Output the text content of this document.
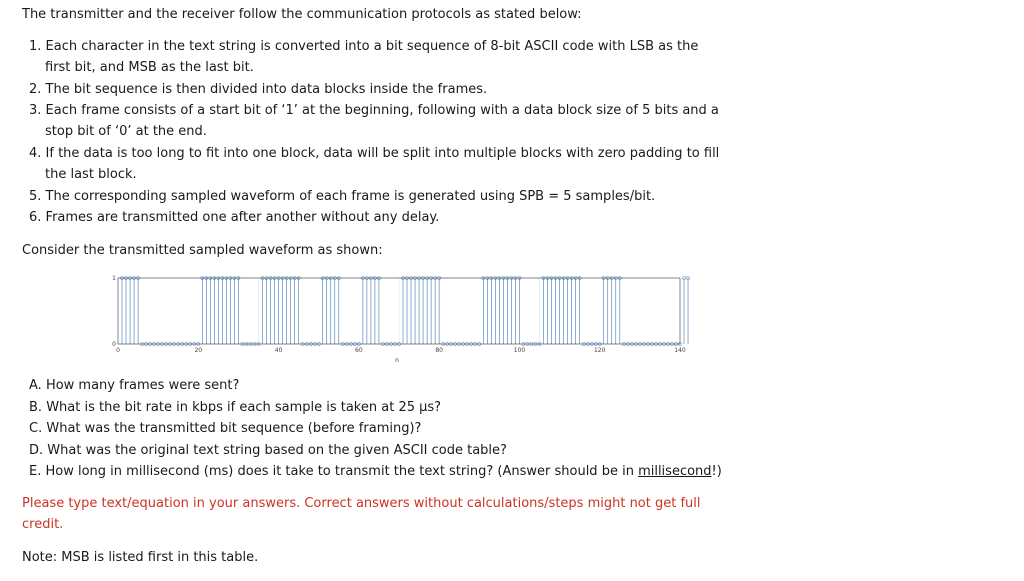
The transmitter and the receiver follow the communication protocols as stated below:
1. Each character in the text string is converted into a bit sequence of 8-bit ASCII code with LSB as the
first bit, and MSB as the last bit.
2. The bit sequence is then divided into data blocks inside the frames.
3. Each frame consists of a start bit of ‘1’ at the beginning, following with a data block size of 5 bits and a
stop bit of ‘0’ at the end.
4. If the data is too long to fit into one block, data will be split into multiple blocks with zero padding to fill
the last block.
5. The corresponding sampled waveform of each frame is generated using SPB = 5 samples/bit.
6. Frames are transmitted one after another without any delay.
Consider the transmitted sampled waveform as shown:
0	20	40	60	80	100	120	140
0
1
n
A. How many frames were sent?
B. What is the bit rate in kbps if each sample is taken at 25 µs?
C. What was the transmitted bit sequence (before framing)?
D. What was the original text string based on the given ASCII code table?
E. How long in millisecond (ms) does it take to transmit the text string? (Answer should be in millisecond!)
Please type text/equation in your answers. Correct answers without calculations/steps might not get full
credit.
Note: MSB is listed first in this table.
